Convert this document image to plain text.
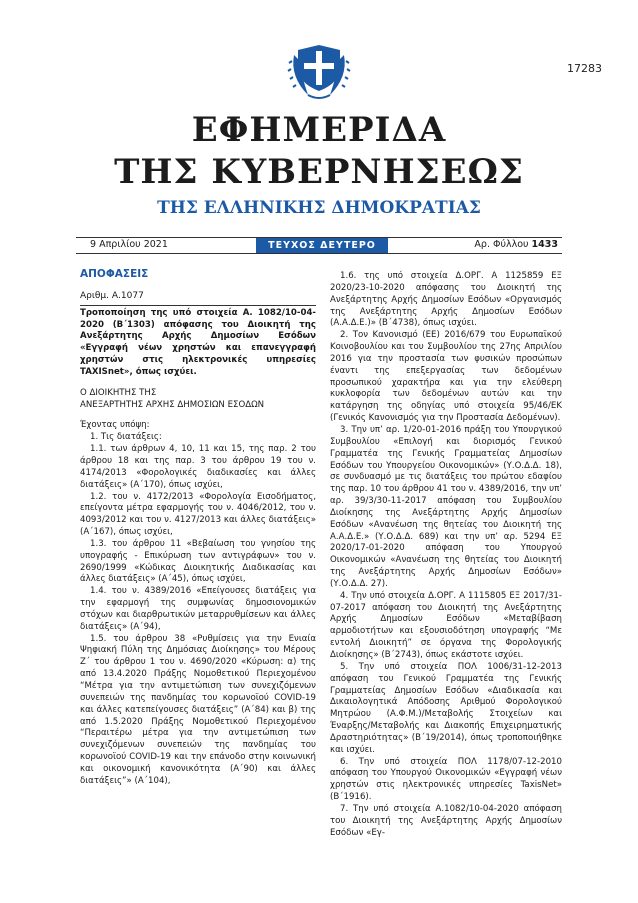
17283
ΕΦΗΜΕΡΙΔΑ
ΤΗΣ ΚΥΒΕΡΝΗΣΕΩΣ
ΤΗΣ ΕΛΛΗΝΙΚΗΣ ΔΗΜΟΚΡΑΤΙΑΣ
9 Απριλίου 2021	ΤΕΥΧΟΣ ΔΕΥΤΕΡΟ	Αρ. Φύλλου 1433

ΑΠΟΦΑΣΕΙΣ

Αριθμ. Α.1077

Τροποποίηση της υπό στοιχεία Α. 1082/10-04-2020 (Β΄1303) απόφασης του Διοικητή της Ανεξάρτητης Αρχής Δημοσίων Εσόδων «Εγγραφή νέων χρηστών και επανεγγραφή χρηστών στις ηλεκτρονικές υπηρεσίες TAXISnet», όπως ισχύει.

Ο ΔΙΟΙΚΗΤΗΣ ΤΗΣ

ΑΝΕΞΑΡΤΗΤΗΣ ΑΡΧΗΣ ΔΗΜΟΣΙΩΝ ΕΣΟΔΩΝ

Έχοντας υπόψη:

1. Τις διατάξεις:

1.1. των άρθρων 4, 10, 11 και 15, της παρ. 2 του άρθρου 18 και της παρ. 3 του άρθρου 19 του ν. 4174/2013 «Φορολογικές διαδικασίες και άλλες διατάξεις» (Α΄170), όπως ισχύει,

1.2. του ν. 4172/2013 «Φορολογία Εισοδήματος, επείγοντα μέτρα εφαρμογής του ν. 4046/2012, του ν. 4093/2012 και του ν. 4127/2013 και άλλες διατάξεις» (Α΄167), όπως ισχύει,

1.3. του άρθρου 11 «Βεβαίωση του γνησίου της υπογραφής - Επικύρωση των αντιγράφων» του ν. 2690/1999 «Κώδικας Διοικητικής Διαδικασίας και άλλες διατάξεις» (Α΄45), όπως ισχύει,

1.4. του ν. 4389/2016 «Επείγουσες διατάξεις για την εφαρμογή της συμφωνίας δημοσιονομικών στόχων και διαρθρωτικών μεταρρυθμίσεων και άλλες διατάξεις» (Α΄94),

1.5. του άρθρου 38 «Ρυθμίσεις για την Ενιαία Ψηφιακή Πύλη της Δημόσιας Διοίκησης» του Μέρους Ζ΄ του άρθρου 1 του ν. 4690/2020 «Κύρωση: α) της από 13.4.2020 Πράξης Νομοθετικού Περιεχομένου “Μέτρα για την αντιμετώπιση των συνεχιζόμενων συνεπειών της πανδημίας του κορωνοϊού COVID-19 και άλλες κατεπείγουσες διατάξεις” (Α΄84) και β) της από 1.5.2020 Πράξης Νομοθετικού Περιεχομένου “Περαιτέρω μέτρα για την αντιμετώπιση των συνεχιζόμενων συνεπειών της πανδημίας του κορωνοϊού COVID-19 και την επάνοδο στην κοινωνική και οικονομική κανονικότητα (Α΄90) και άλλες διατάξεις”» (Α΄104),

1.6. της υπό στοιχεία Δ.ΟΡΓ. Α 1125859 ΕΞ 2020/23-10-2020 απόφασης του Διοικητή της Ανεξάρτητης Αρχής Δημοσίων Εσόδων «Οργανισμός της Ανεξάρτητης Αρχής Δημοσίων Εσόδων (Α.Α.Δ.Ε.)» (Β΄4738), όπως ισχύει.

2. Τον Κανονισμό (ΕΕ) 2016/679 του Ευρωπαϊκού Κοινοβουλίου και του Συμβουλίου της 27ης Απριλίου 2016 για την προστασία των φυσικών προσώπων έναντι της επεξεργασίας των δεδομένων προσωπικού χαρακτήρα και για την ελεύθερη κυκλοφορία των δεδομένων αυτών και την κατάργηση της οδηγίας υπό στοιχεία 95/46/ΕΚ (Γενικός Κανονισμός για την Προστασία Δεδομένων).

3. Την υπ’ αρ. 1/20-01-2016 πράξη του Υπουργικού Συμβουλίου «Επιλογή και διορισμός Γενικού Γραμματέα της Γενικής Γραμματείας Δημοσίων Εσόδων του Υπουργείου Οικονομικών» (Υ.Ο.Δ.Δ. 18), σε συνδυασμό με τις διατάξεις του πρώτου εδαφίου της παρ. 10 του άρθρου 41 του ν. 4389/2016, την υπ’ αρ. 39/3/30-11-2017 απόφαση του Συμβουλίου Διοίκησης της Ανεξάρτητης Αρχής Δημοσίων Εσόδων «Ανανέωση της θητείας του Διοικητή της Α.Α.Δ.Ε.» (Υ.Ο.Δ.Δ. 689) και την υπ’ αρ. 5294 ΕΞ 2020/17-01-2020 απόφαση του Υπουργού Οικονομικών «Ανανέωση της θητείας του Διοικητή της Ανεξάρτητης Αρχής Δημοσίων Εσόδων» (Υ.Ο.Δ.Δ. 27).

4. Την υπό στοιχεία Δ.ΟΡΓ. Α 1115805 ΕΞ 2017/31-07-2017 απόφαση του Διοικητή της Ανεξάρτητης Αρχής Δημοσίων Εσόδων «Μεταβίβαση αρμοδιοτήτων και εξουσιοδότηση υπογραφής “Με εντολή Διοικητή” σε όργανα της Φορολογικής Διοίκησης» (Β΄2743), όπως εκάστοτε ισχύει.

5. Την υπό στοιχεία ΠΟΛ 1006/31-12-2013 απόφαση του Γενικού Γραμματέα της Γενικής Γραμματείας Δημοσίων Εσόδων «Διαδικασία και Δικαιολογητικά Απόδοσης Αριθμού Φορολογικού Μητρώου (Α.Φ.Μ.)/Μεταβολής Στοιχείων και Έναρξης/Μεταβολής και Διακοπής Επιχειρηματικής Δραστηριότητας» (Β΄19/2014), όπως τροποποιήθηκε και ισχύει.

6. Την υπό στοιχεία ΠΟΛ 1178/07-12-2010 απόφαση του Υπουργού Οικονομικών «Εγγραφή νέων χρηστών στις ηλεκτρονικές υπηρεσίες TaxisNet» (Β΄1916).

7. Την υπό στοιχεία Α.1082/10-04-2020 απόφαση του Διοικητή της Ανεξάρτητης Αρχής Δημοσίων Εσόδων «Εγ-
